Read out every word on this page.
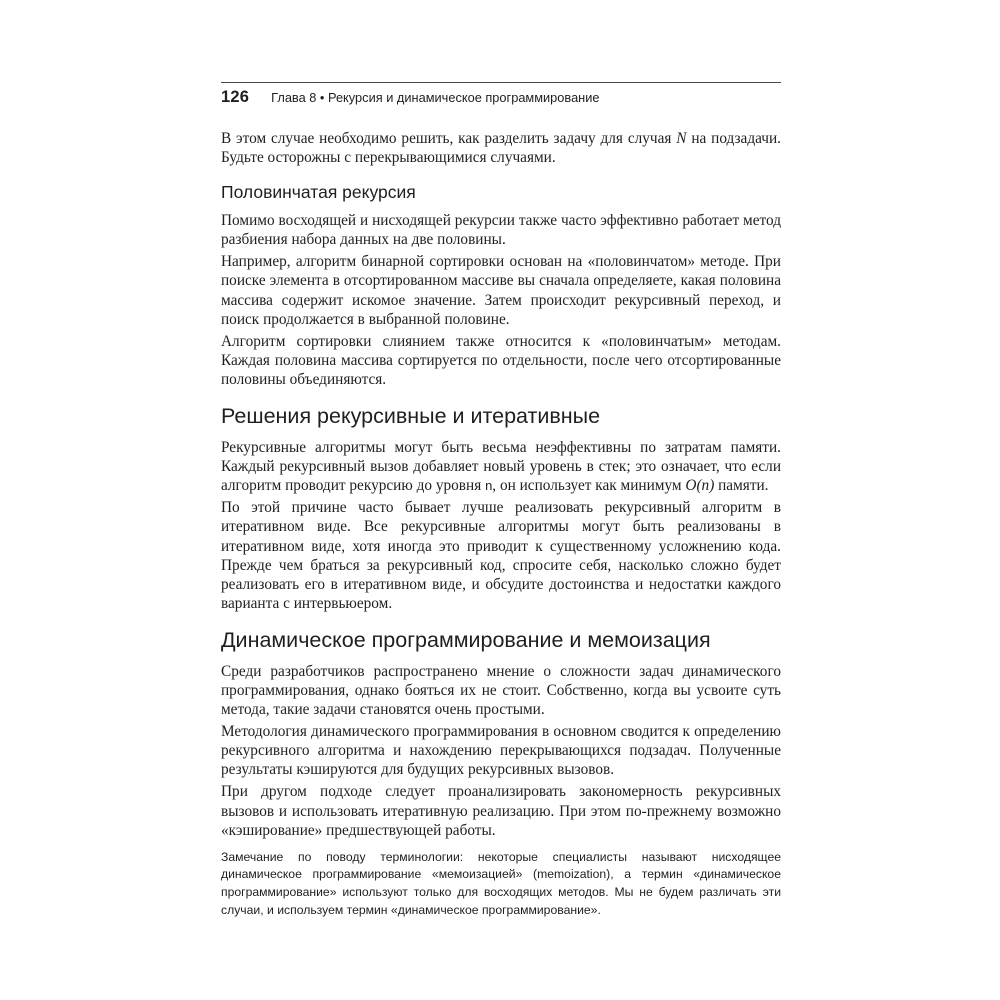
126 Глава 8 • Рекурсия и динамическое программирование

В этом случае необходимо решить, как разделить задачу для случая N на подзадачи. Будьте осторожны с перекрывающимися случаями.

Половинчатая рекурсия

Помимо восходящей и нисходящей рекурсии также часто эффективно работает метод разбиения набора данных на две половины.

Например, алгоритм бинарной сортировки основан на «половинчатом» методе. При поиске элемента в отсортированном массиве вы сначала определяете, какая половина массива содержит искомое значение. Затем происходит рекурсивный переход, и поиск продолжается в выбранной половине.

Алгоритм сортировки слиянием также относится к «половинчатым» методам. Каждая половина массива сортируется по отдельности, после чего отсортированные половины объединяются.

Решения рекурсивные и итеративные

Рекурсивные алгоритмы могут быть весьма неэффективны по затратам памяти. Каждый рекурсивный вызов добавляет новый уровень в стек; это означает, что если алгоритм проводит рекурсию до уровня n, он использует как минимум O(n) памяти.

По этой причине часто бывает лучше реализовать рекурсивный алгоритм в итеративном виде. Все рекурсивные алгоритмы могут быть реализованы в итеративном виде, хотя иногда это приводит к существенному усложнению кода. Прежде чем браться за рекурсивный код, спросите себя, насколько сложно будет реализовать его в итеративном виде, и обсудите достоинства и недостатки каждого варианта с интервьюером.

Динамическое программирование и мемоизация

Среди разработчиков распространено мнение о сложности задач динамического программирования, однако бояться их не стоит. Собственно, когда вы усвоите суть метода, такие задачи становятся очень простыми.

Методология динамического программирования в основном сводится к определению рекурсивного алгоритма и нахождению перекрывающихся подзадач. Полученные результаты кэшируются для будущих рекурсивных вызовов.

При другом подходе следует проанализировать закономерность рекурсивных вызовов и использовать итеративную реализацию. При этом по-прежнему возможно «кэширование» предшествующей работы.

Замечание по поводу терминологии: некоторые специалисты называют нисходящее динамическое программирование «мемоизацией» (memoization), а термин «динамическое программирование» используют только для восходящих методов. Мы не будем различать эти случаи, и используем термин «динамическое программирование».
